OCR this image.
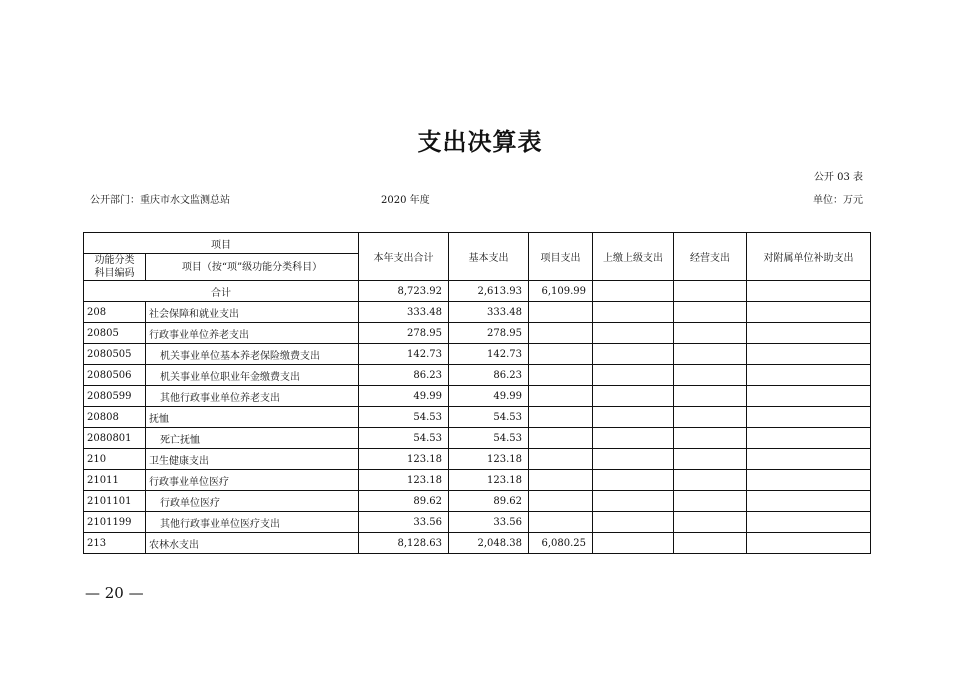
支出决算表
公开 03 表
公开部门：重庆市水文监测总站	2020 年度	单位：万元
项目		本年支出合计	基本支出	项目支出	上缴上级支出	经营支出	对附属单位补助支出
功能分类
科目编码	项目（按“项”级功能分类科目）						
合计		8,723.92	2,613.93	6,109.99			
208	社会保障和就业支出	333.48	333.48				
20805	行政事业单位养老支出	278.95	278.95				
2080505	机关事业单位基本养老保险缴费支出	142.73	142.73				
2080506	机关事业单位职业年金缴费支出	86.23	86.23				
2080599	其他行政事业单位养老支出	49.99	49.99				
20808	抚恤	54.53	54.53				
2080801	死亡抚恤	54.53	54.53				
210	卫生健康支出	123.18	123.18				
21011	行政事业单位医疗	123.18	123.18				
2101101	行政单位医疗	89.62	89.62				
2101199	其他行政事业单位医疗支出	33.56	33.56				
213	农林水支出	8,128.63	2,048.38	6,080.25			
— 20 —
